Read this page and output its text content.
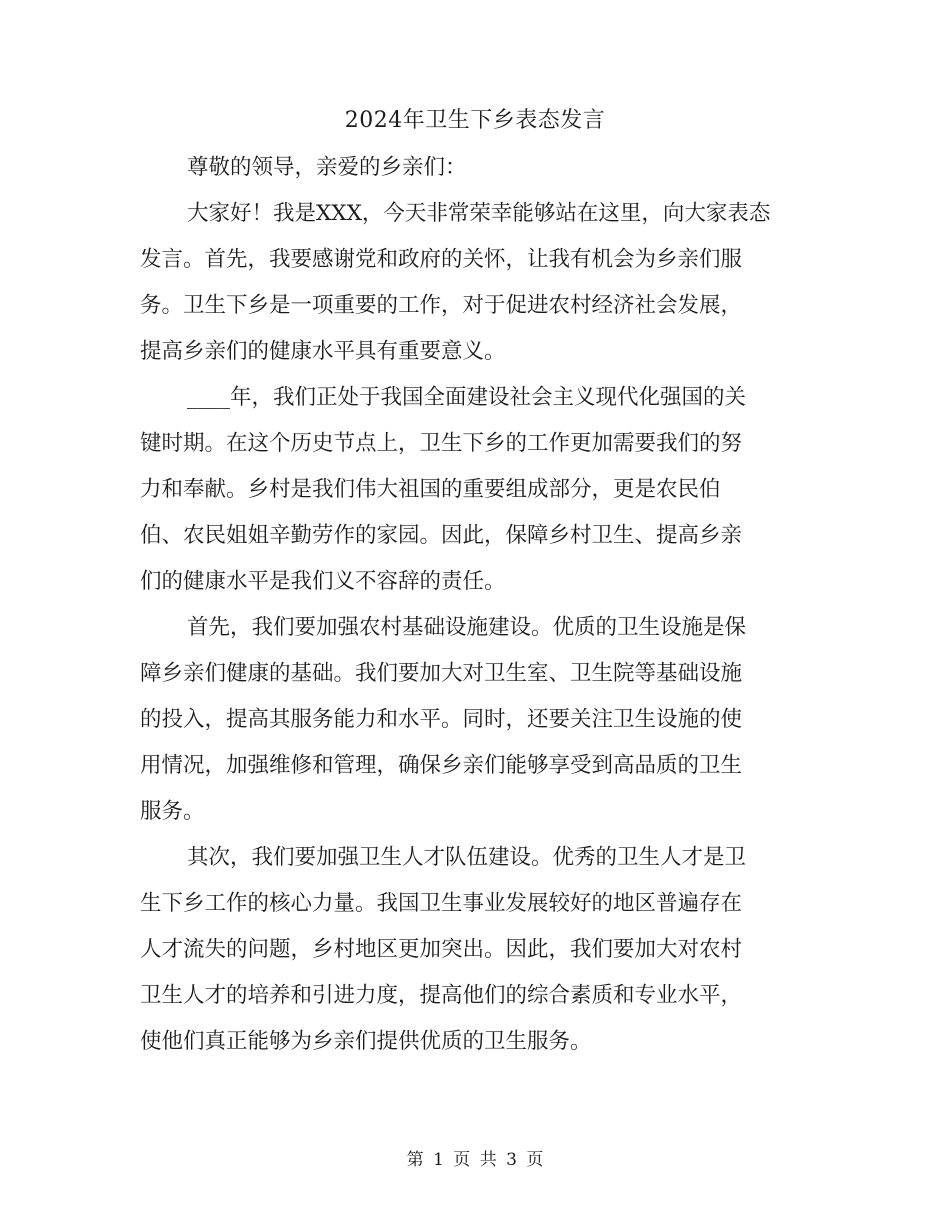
2024年卫生下乡表态发言
尊敬的领导，亲爱的乡亲们：
大家好！我是XXX，今天非常荣幸能够站在这里，向大家表态
发言。首先，我要感谢党和政府的关怀，让我有机会为乡亲们服
务。卫生下乡是一项重要的工作，对于促进农村经济社会发展，
提高乡亲们的健康水平具有重要意义。
____年，我们正处于我国全面建设社会主义现代化强国的关
键时期。在这个历史节点上，卫生下乡的工作更加需要我们的努
力和奉献。乡村是我们伟大祖国的重要组成部分，更是农民伯
伯、农民姐姐辛勤劳作的家园。因此，保障乡村卫生、提高乡亲
们的健康水平是我们义不容辞的责任。
首先，我们要加强农村基础设施建设。优质的卫生设施是保
障乡亲们健康的基础。我们要加大对卫生室、卫生院等基础设施
的投入，提高其服务能力和水平。同时，还要关注卫生设施的使
用情况，加强维修和管理，确保乡亲们能够享受到高品质的卫生
服务。
其次，我们要加强卫生人才队伍建设。优秀的卫生人才是卫
生下乡工作的核心力量。我国卫生事业发展较好的地区普遍存在
人才流失的问题，乡村地区更加突出。因此，我们要加大对农村
卫生人才的培养和引进力度，提高他们的综合素质和专业水平，
使他们真正能够为乡亲们提供优质的卫生服务。
第 1 页 共 3 页
